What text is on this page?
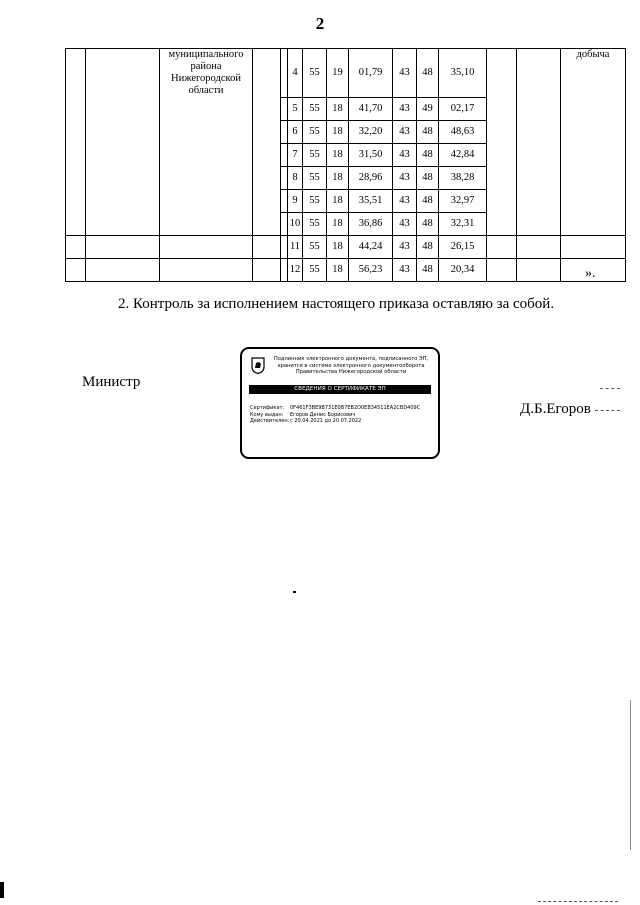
2
		муниципального района Нижегородской области			4	55	19	01,79	43	48	35,10			добыча
					5	55	18	41,70	43	49	02,17			
					6	55	18	32,20	43	48	48,63			
					7	55	18	31,50	43	48	42,84			
					8	55	18	28,96	43	48	38,28			
					9	55	18	35,51	43	48	32,97			
					10	55	18	36,86	43	48	32,31			
					11	55	18	44,24	43	48	26,15			
					12	55	18	56,23	43	48	20,34				».
2. Контроль за исполнением настоящего приказа оставляю за собой.
Министр
Д.Б.Егоров
Подлинник электронного документа, подписанного ЭП,
хранится в системе электронного документооборота
Правительства Нижегородской области
СВЕДЕНИЯ О СЕРТИФИКАТЕ ЭП
Сертификат: 0F461F3BE9B731E0B7EB2D0EB34511EA2CBD409C
Кому выдан: Егоров Денис Борисович
Действителен:с 20.04.2021 до 20.07.2022
